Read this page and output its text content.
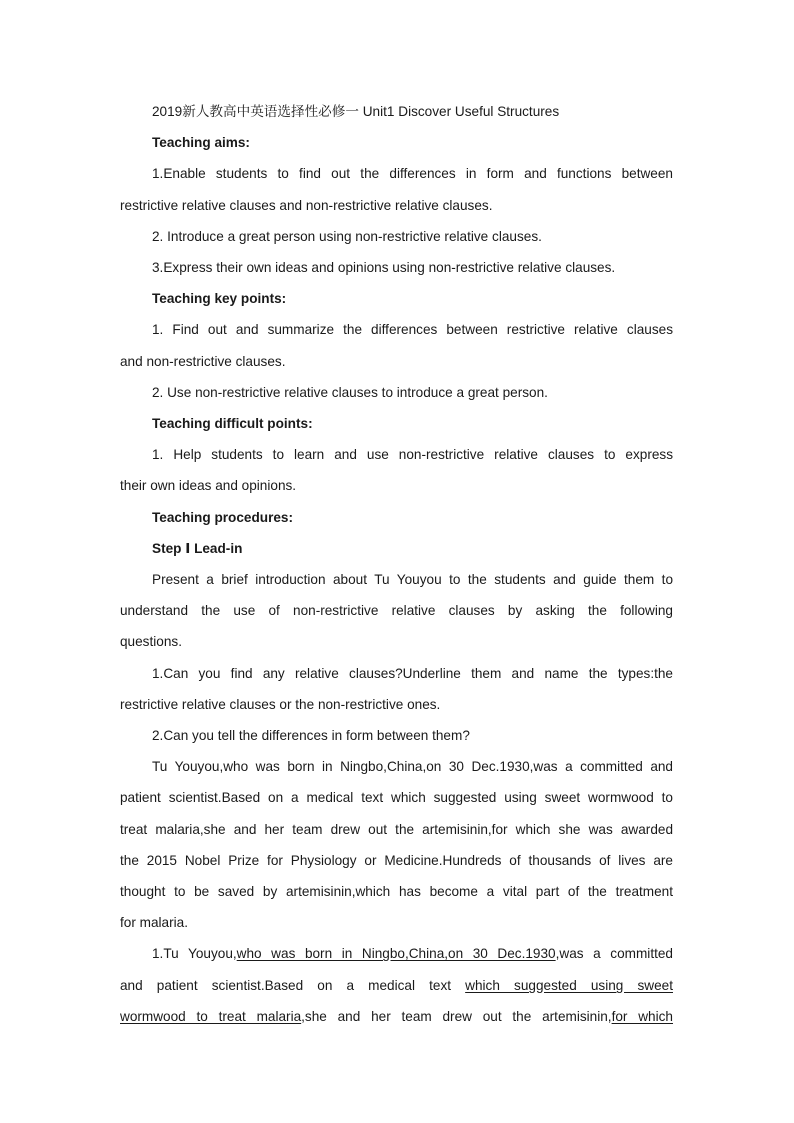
2019新人教高中英语选择性必修一 Unit1 Discover Useful Structures
Teaching aims:
1.Enable students to find out the differences in form and functions between
restrictive relative clauses and non-restrictive relative clauses.
2. Introduce a great person using non-restrictive relative clauses.
3.Express their own ideas and opinions using non-restrictive relative clauses.
Teaching key points:
1. Find out and summarize the differences between restrictive relative clauses
and non-restrictive clauses.
2. Use non-restrictive relative clauses to introduce a great person.
Teaching difficult points:
1. Help students to learn and use non-restrictive relative clauses to express
their own ideas and opinions.
Teaching procedures:
Step Ⅰ Lead-in
Present a brief introduction about Tu Youyou to the students and guide them to
understand the use of non-restrictive relative clauses by asking the following
questions.
1.Can you find any relative clauses?Underline them and name the types:the
restrictive relative clauses or the non-restrictive ones.
2.Can you tell the differences in form between them?
Tu Youyou,who was born in Ningbo,China,on 30 Dec.1930,was a committed and
patient scientist.Based on a medical text which suggested using sweet wormwood to
treat malaria,she and her team drew out the artemisinin,for which she was awarded
the 2015 Nobel Prize for Physiology or Medicine.Hundreds of thousands of lives are
thought to be saved by artemisinin,which has become a vital part of the treatment
for malaria.
1.Tu Youyou,who was born in Ningbo,China,on 30 Dec.1930,was a committed
and patient scientist.Based on a medical text which suggested using sweet
wormwood to treat malaria,she and her team drew out the artemisinin,for which
